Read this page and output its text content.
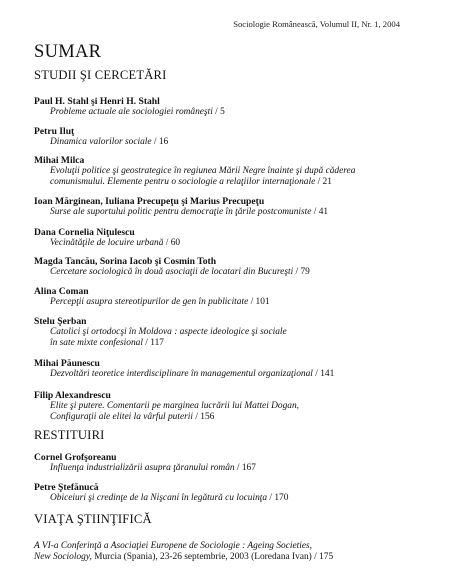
Sociologie Românească, Volumul II, Nr. 1, 2004
SUMAR
STUDII ŞI CERCETĂRI
Paul H. Stahl şi Henri H. Stahl
Probleme actuale ale sociologiei româneşti / 5
Petru Iluţ
Dinamica valorilor sociale / 16
Mihai Milca
Evoluţii politice şi geostrategice în regiunea Mării Negre înainte şi după căderea
comunismului. Elemente pentru o sociologie a relaţiilor internaţionale / 21
Ioan Mărginean, Iuliana Precupeţu şi Marius Precupeţu
Surse ale suportului politic pentru democraţie în ţările postcomuniste / 41
Dana Cornelia Niţulescu
Vecinătăţile de locuire urbană / 60
Magda Tancău, Sorina Iacob şi Cosmin Toth
Cercetare sociologică în două asociaţii de locatari din Bucureşti / 79
Alina Coman
Percepţii asupra stereotipurilor de gen în publicitate / 101
Stelu Şerban
Catolici şi ortodocşi în Moldova : aspecte ideologice şi sociale
în sate mixte confesional / 117
Mihai Păunescu
Dezvoltări teoretice interdisciplinare în managementul organizaţional / 141
Filip Alexandrescu
Elite şi putere. Comentarii pe marginea lucrării lui Mattei Dogan,
Configuraţii ale elitei la vârful puterii / 156
RESTITUIRI
Cornel Grofşoreanu
Influenţa industrializării asupra ţăranului român / 167
Petre Ştefănucă
Obiceiuri şi credinţe de la Nişcani în legătură cu locuinţa / 170
VIAŢA ŞTIINŢIFICĂ
A VI-a Conferinţă a Asociaţiei Europene de Sociologie : Ageing Societies,
New Sociology, Murcia (Spania), 23-26 septembrie, 2003 (Loredana Ivan) / 175
